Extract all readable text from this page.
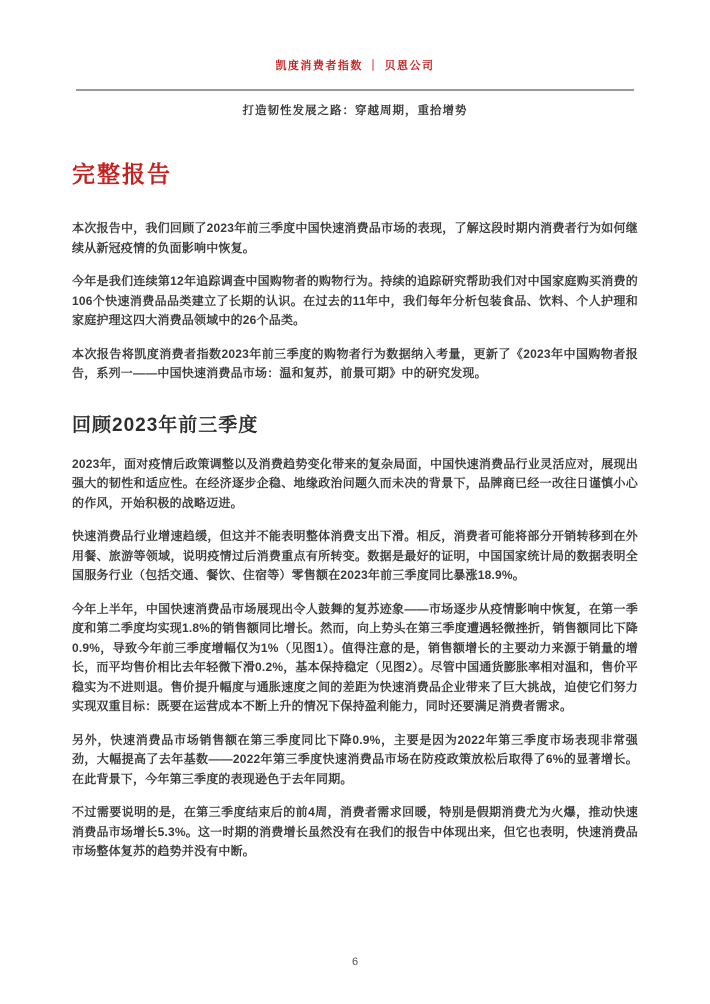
凯度消费者指数 ｜ 贝恩公司
打造韧性发展之路：穿越周期，重拾增势
完整报告

本次报告中，我们回顾了2023年前三季度中国快速消费品市场的表现，了解这段时期内消费者行为如何继续从新冠疫情的负面影响中恢复。

今年是我们连续第12年追踪调查中国购物者的购物行为。持续的追踪研究帮助我们对中国家庭购买消费的106个快速消费品品类建立了长期的认识。在过去的11年中，我们每年分析包装食品、饮料、个人护理和家庭护理这四大消费品领域中的26个品类。

本次报告将凯度消费者指数2023年前三季度的购物者行为数据纳入考量，更新了《2023年中国购物者报告，系列一——中国快速消费品市场：温和复苏，前景可期》中的研究发现。

回顾2023年前三季度

2023年，面对疫情后政策调整以及消费趋势变化带来的复杂局面，中国快速消费品行业灵活应对，展现出强大的韧性和适应性。在经济逐步企稳、地缘政治问题久而未决的背景下，品牌商已经一改往日谨慎小心的作风，开始积极的战略迈进。

快速消费品行业增速趋缓，但这并不能表明整体消费支出下滑。相反，消费者可能将部分开销转移到在外用餐、旅游等领域，说明疫情过后消费重点有所转变。数据是最好的证明，中国国家统计局的数据表明全国服务行业（包括交通、餐饮、住宿等）零售额在2023年前三季度同比暴涨18.9%。

今年上半年，中国快速消费品市场展现出令人鼓舞的复苏迹象——市场逐步从疫情影响中恢复，在第一季度和第二季度均实现1.8%的销售额同比增长。然而，向上势头在第三季度遭遇轻微挫折，销售额同比下降0.9%，导致今年前三季度增幅仅为1%（见图1）。值得注意的是，销售额增长的主要动力来源于销量的增长，而平均售价相比去年轻微下滑0.2%，基本保持稳定（见图2）。尽管中国通货膨胀率相对温和，售价平稳实为不进则退。售价提升幅度与通胀速度之间的差距为快速消费品企业带来了巨大挑战，迫使它们努力实现双重目标：既要在运营成本不断上升的情况下保持盈利能力，同时还要满足消费者需求。

另外，快速消费品市场销售额在第三季度同比下降0.9%，主要是因为2022年第三季度市场表现非常强劲，大幅提高了去年基数——2022年第三季度快速消费品市场在防疫政策放松后取得了6%的显著增长。在此背景下，今年第三季度的表现逊色于去年同期。

不过需要说明的是，在第三季度结束后的前4周，消费者需求回暖，特别是假期消费尤为火爆，推动快速消费品市场增长5.3%。这一时期的消费增长虽然没有在我们的报告中体现出来，但它也表明，快速消费品市场整体复苏的趋势并没有中断。

6
